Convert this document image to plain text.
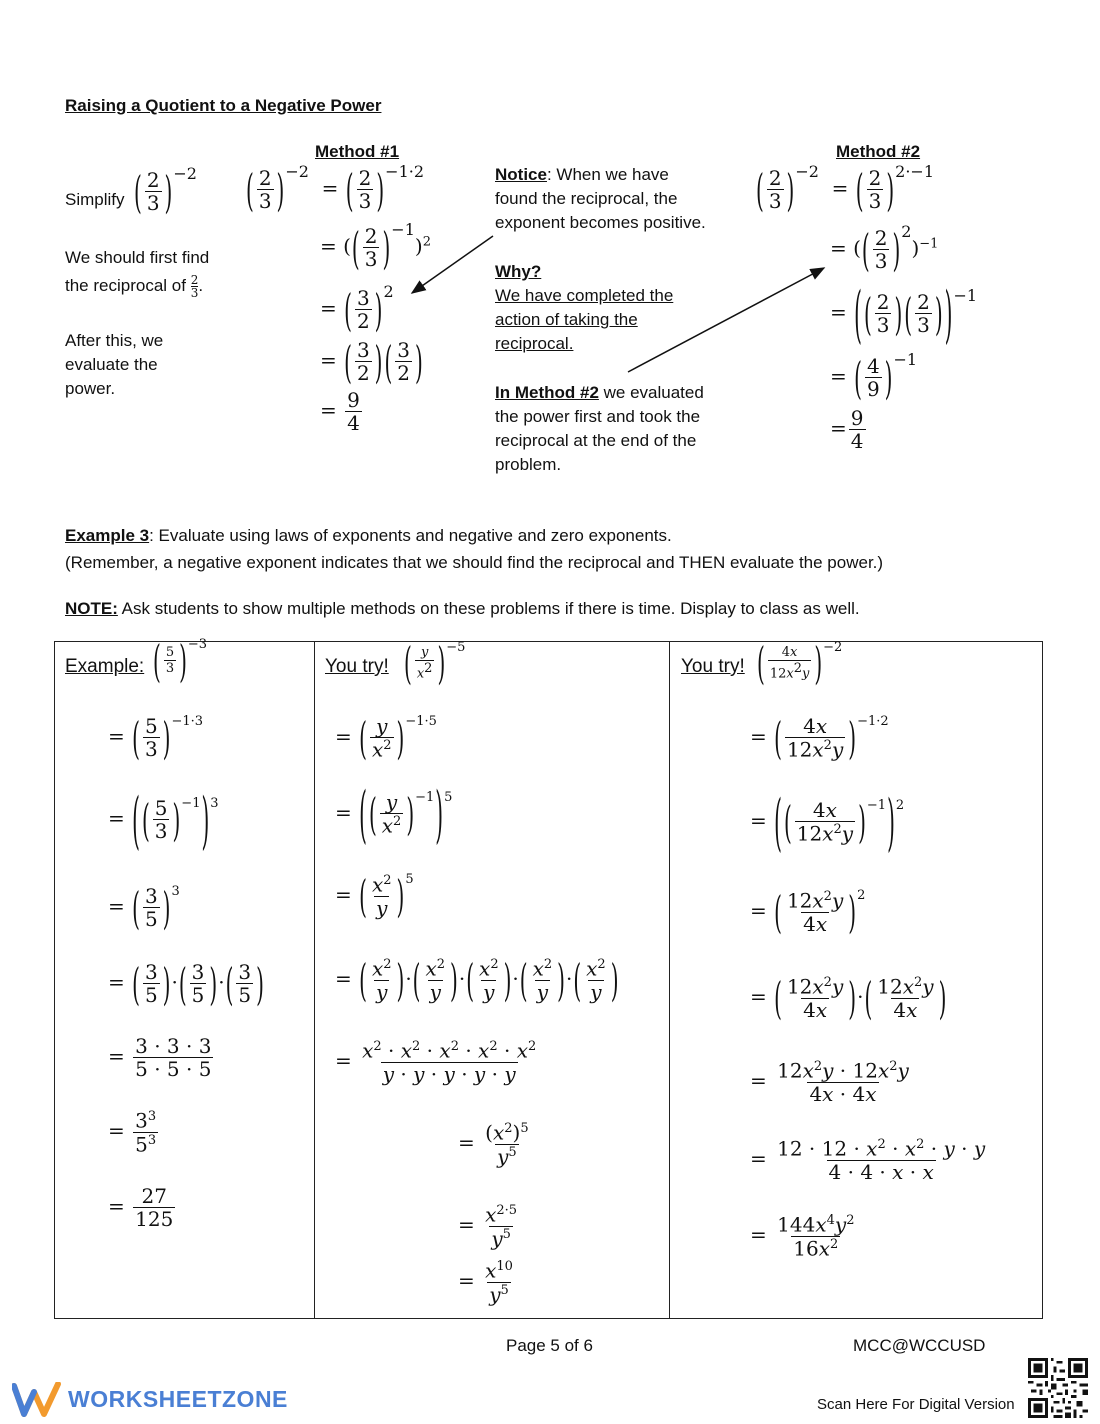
Raising a Quotient to a Negative Power
Method #1	Method #2
Simplify ( $\frac{2}{3} )^{-2}$
We should first find
the reciprocal of $\frac{2}{3}$ .
After this, we
evaluate the
power.
( $\frac{2}{3} )^{-2}$  = ( $\frac{2}{3} )^{-1\cdot 2}$
= (( $\frac{2}{3} )^{-1})^2$
= ( $\frac{3}{2} )^2$
= ( $\frac{3}{2}$ ) ( $\frac{3}{2}$ )
= $\frac{9}{4}$
Notice: When we have
found the reciprocal, the
exponent becomes positive.
Why?
We have completed the
action of taking the
reciprocal.
In Method #2 we evaluated
the power first and took the
reciprocal at the end of the
problem.
( $\frac{2}{3} )^{-2}$  = ( $\frac{2}{3} )^{2\cdot-1}$
= (( $\frac{2}{3} )^2)^{-1}$
= ( ( $\frac{2}{3}$ ) ( $\frac{2}{3}$ ) )$^{-1}$
= ( $\frac{4}{9} )^{-1}$
= $\frac{9}{4}$
Example 3: Evaluate using laws of exponents and negative and zero exponents.
(Remember, a negative exponent indicates that we should find the reciprocal and THEN evaluate the power.)
NOTE: Ask students to show multiple methods on these problems if there is time. Display to class as well.

Example: ( $\frac{5}{3} )^{-3}$
= ( $\frac{5}{3} )^{-1\cdot 3}$
= ( ( $\frac{5}{3} )^{-1})^3$
= ( $\frac{3}{5} )^3$
= ( $\frac{3}{5}$ )·( $\frac{3}{5}$ )·( $\frac{3}{5}$ )
= $\frac{3 \cdot 3 \cdot 3}{5 \cdot 5 \cdot 5}$
= $\frac{3^3}{5^3}$
= $\frac{27}{125}$
You try! ( $\frac{y}{x^2} )^{-5}$
= ( $\frac{y}{x^2} )^{-1\cdot 5}$
= ( ( $\frac{y}{x^2} )^{-1})^5$
= ( $\frac{x^2}{y} )^5$
= ( $\frac{x^2}{y}$ )·( $\frac{x^2}{y}$ )·( $\frac{x^2}{y}$ )·( $\frac{x^2}{y}$ )·( $\frac{x^2}{y}$ )
= $\frac{x^2 \cdot x^2 \cdot x^2 \cdot x^2 \cdot x^2}{y \cdot y \cdot y \cdot y \cdot y}$
= $\frac{(x^2)^5}{y^5}$
= $\frac{x^{2\cdot 5}}{y^5}$
= $\frac{x^{10}}{y^5}$
You try! ( $\frac{4x}{12x^2y} )^{-2}$
= ( $\frac{4x}{12x^2y} )^{-1\cdot 2}$
= ( ( $\frac{4x}{12x^2y} )^{-1})^2$
= ( $\frac{12x^2y}{4x} )^2$
= ( $\frac{12x^2y}{4x}$ )·( $\frac{12x^2y}{4x}$ )
= $\frac{12x^2y \cdot 12x^2y}{4x \cdot 4x}$
= $\frac{12 \cdot 12 \cdot x^2 \cdot x^2 \cdot y \cdot y}{4 \cdot 4 \cdot x \cdot x}$
= $\frac{144x^4y^2}{16x^2}$
Page 5 of 6	MCC@WCCUSD
WORKSHEETZONE	Scan Here For Digital Version
